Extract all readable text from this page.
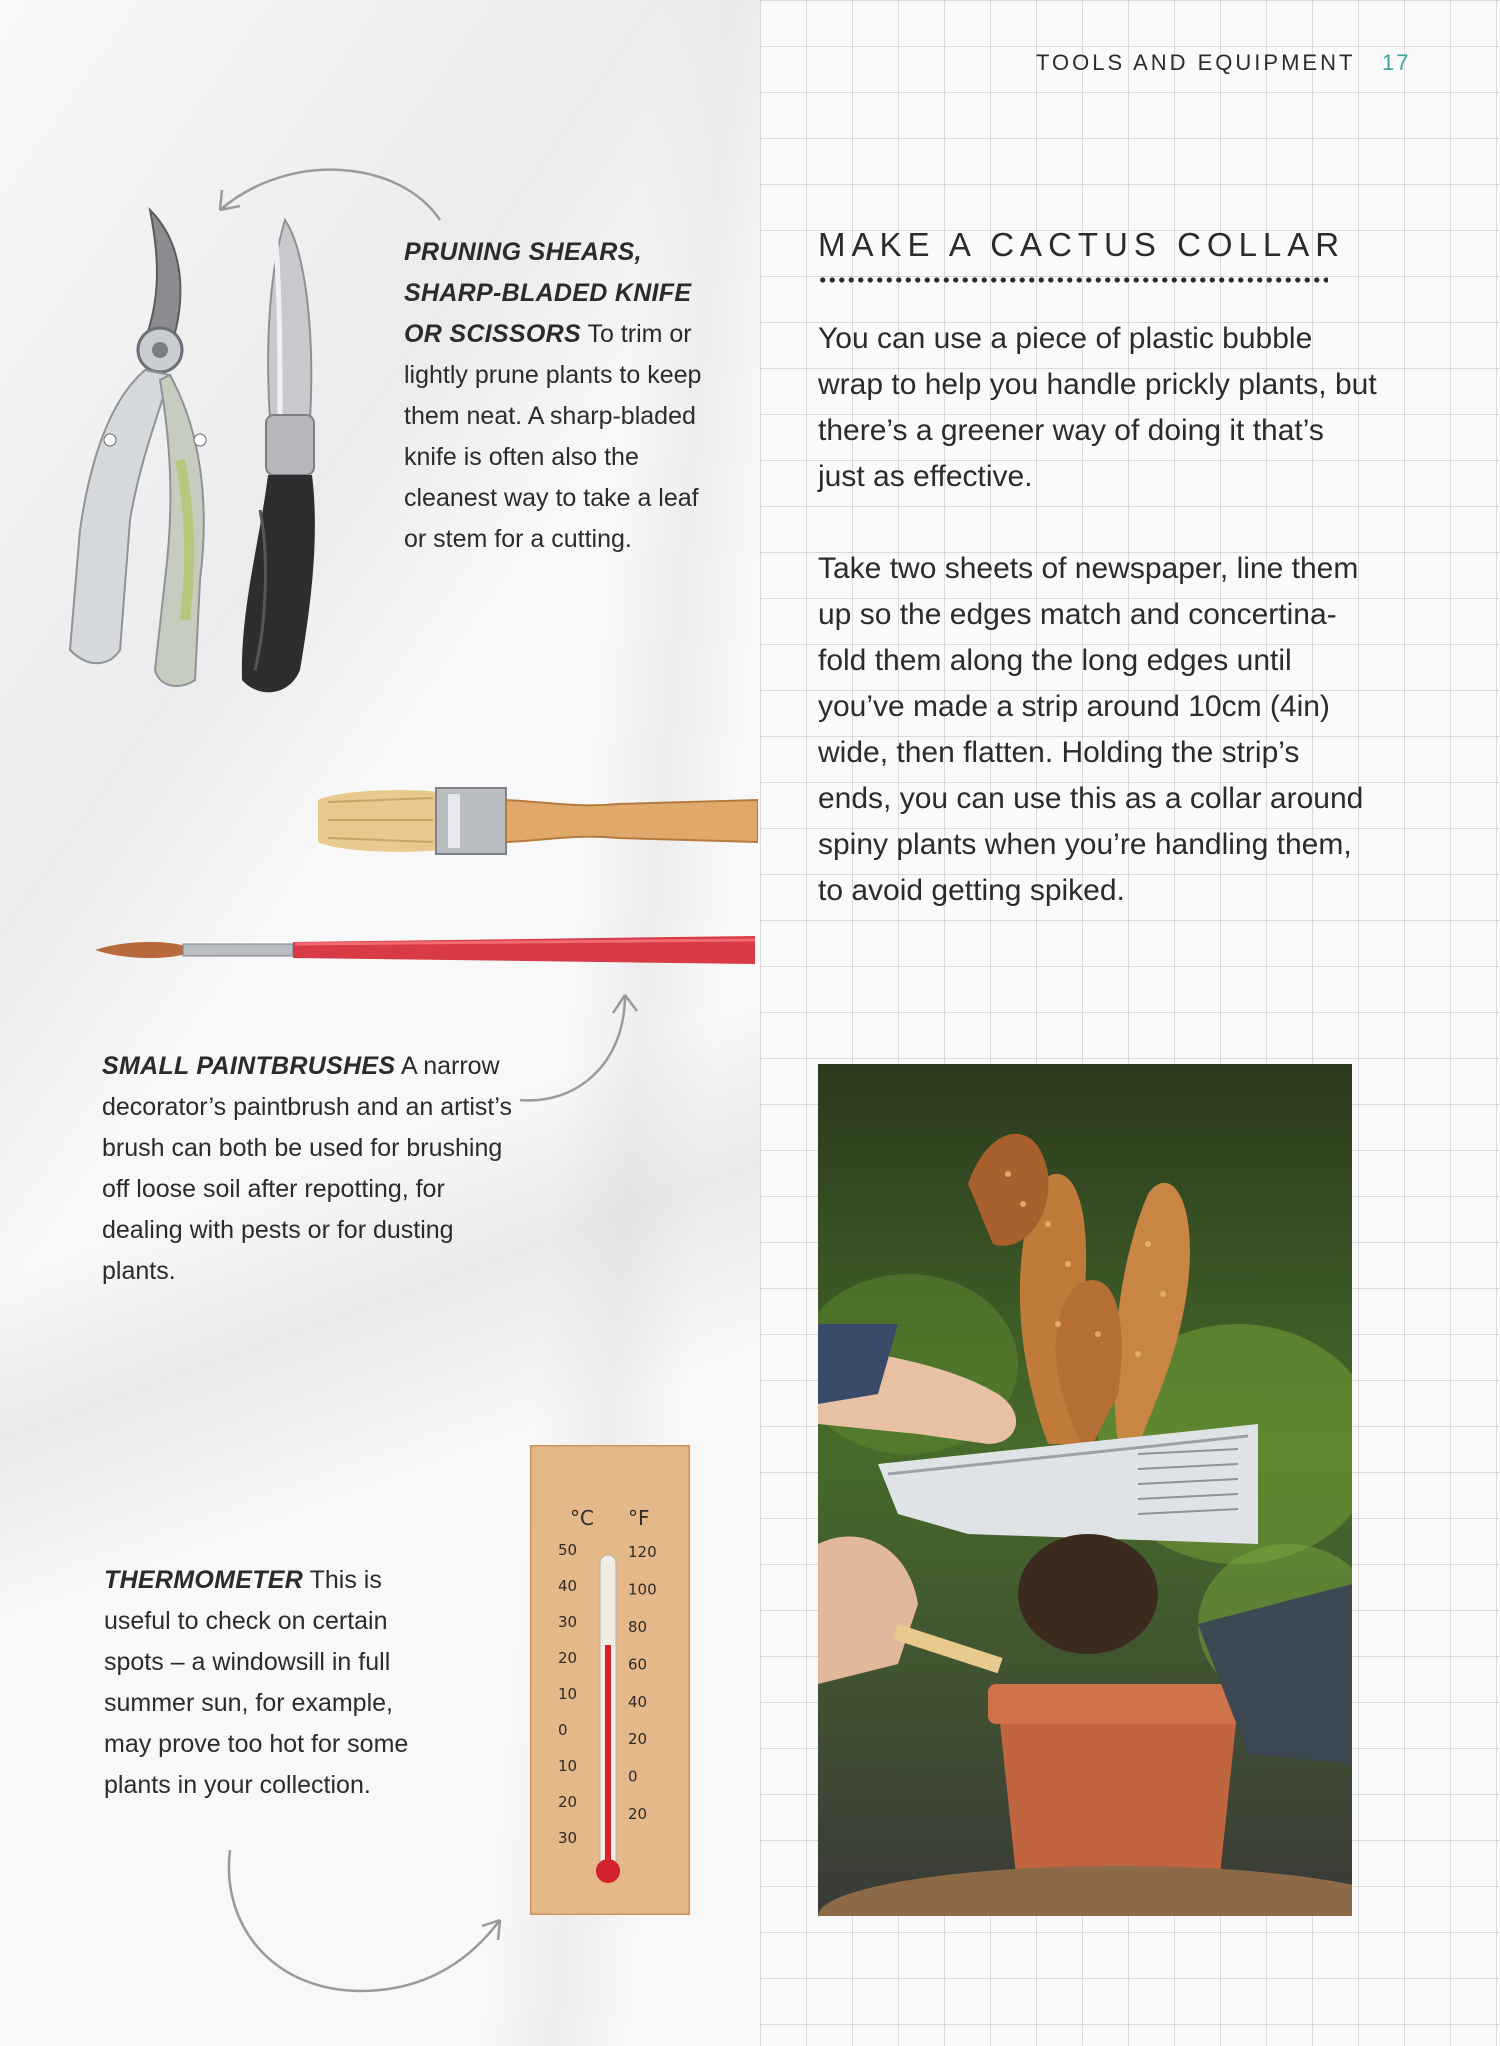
TOOLS AND EQUIPMENT 17
MAKE A CACTUS COLLAR

You can use a piece of plastic bubble wrap to help you handle prickly plants, but there’s a greener way of doing it that’s just as effective.

Take two sheets of newspaper, line them up so the edges match and concertina-fold them along the long edges until you’ve made a strip around 10cm (4in) wide, then flatten. Holding the strip’s ends, you can use this as a collar around spiny plants when you’re handling them, to avoid getting spiked.

PRUNING SHEARS, SHARP-BLADED KNIFE OR SCISSORS To trim or lightly prune plants to keep them neat. A sharp-bladed knife is often also the cleanest way to take a leaf or stem for a cutting.
SMALL PAINTBRUSHES A narrow decorator’s paintbrush and an artist’s brush can both be used for brushing off loose soil after repotting, for dealing with pests or for dusting plants.
°C °F
50
40
30
20
10
0
10
20
30
120
100
80
60
40
20
0
20
THERMOMETER This is useful to check on certain spots – a windowsill in full summer sun, for example, may prove too hot for some plants in your collection.
